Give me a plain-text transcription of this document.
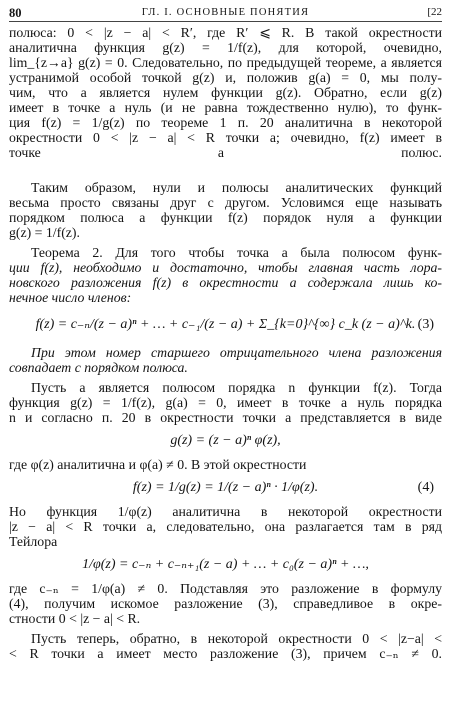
80	ГЛ. I. ОСНОВНЫЕ ПОНЯТИЯ	[22
полюса: 0 < |z − a| < R′, где R′ ⩽ R. В такой окрестности
аналитична функция g(z) = 1/f(z), для которой, очевидно,
lim_{z→a} g(z) = 0. Следовательно, по предыдущей теореме, a является
устранимой особой точкой g(z) и, положив g(a) = 0, мы полу-
чим, что a является нулем функции g(z). Обратно, если g(z)
имеет в точке a нуль (и не равна тождественно нулю), то функ-
ция f(z) = 1/g(z) по теореме 1 п. 20 аналитична в некоторой
окрестности 0 < |z − a| < R точки a; очевидно, f(z) имеет в
точке a полюс.
Таким образом, нули и полюсы аналитических функций
весьма просто связаны друг с другом. Условимся еще называть
порядком полюса a функции f(z) порядок нуля a функции
g(z) = 1/f(z).
Теорема 2. Для того чтобы точка a была полюсом функ-
ции f(z), необходимо и достаточно, чтобы главная часть лора-
новского разложения f(z) в окрестности a содержала лишь ко-
нечное число членов:
f(z) = c₋ₙ/(z − a)ⁿ + … + c₋₁/(z − a) + Σ_{k=0}^{∞} c_k (z − a)^k. (3)
При этом номер старшего отрицательного члена разложения
совпадает с порядком полюса.
Пусть a является полюсом порядка n функции f(z). Тогда
функция g(z) = 1/f(z), g(a) = 0, имеет в точке a нуль порядка
n и согласно п. 20 в окрестности точки a представляется в виде
g(z) = (z − a)ⁿ φ(z),
где φ(z) аналитична и φ(a) ≠ 0. В этой окрестности
f(z) = 1/g(z) = 1/(z − a)ⁿ · 1/φ(z).	(4)
Но функция 1/φ(z) аналитична в некоторой окрестности
|z − a| < R точки a, следовательно, она разлагается там в ряд
Тейлора
1/φ(z) = c₋ₙ + c₋ₙ₊₁(z − a) + … + c₀(z − a)ⁿ + …,
где c₋ₙ = 1/φ(a) ≠ 0. Подставляя это разложение в формулу
(4), получим искомое разложение (3), справедливое в окре-
стности 0 < |z − a| < R.
Пусть теперь, обратно, в некоторой окрестности 0 < |z−a| <
< R точки a имеет место разложение (3), причем c₋ₙ ≠ 0.
